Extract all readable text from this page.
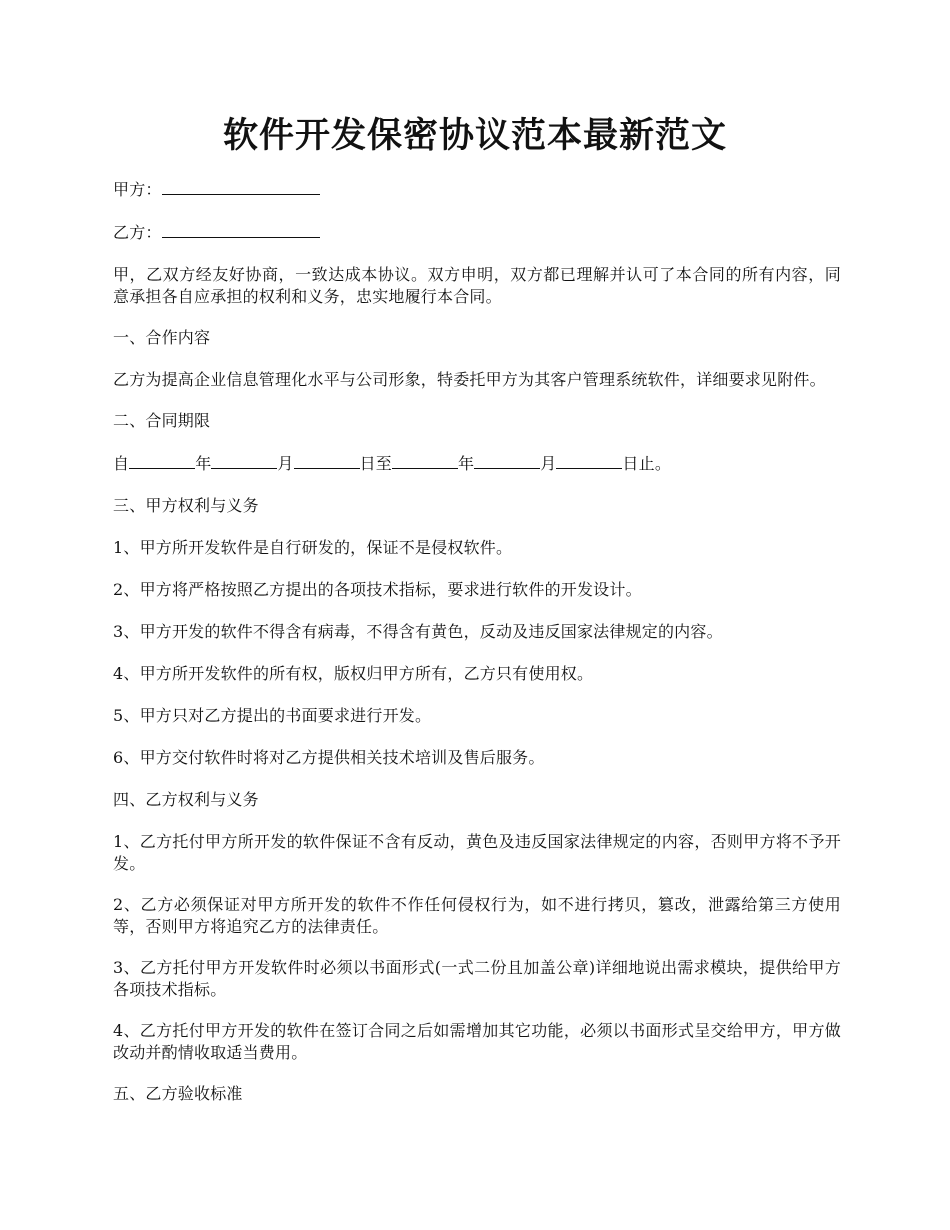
软件开发保密协议范本最新范文

甲方：

乙方：

甲，乙双方经友好协商，一致达成本协议。双方申明，双方都已理解并认可了本合同的所有内容，同意承担各自应承担的权利和义务，忠实地履行本合同。

一、合作内容

乙方为提高企业信息管理化水平与公司形象，特委托甲方为其客户管理系统软件，详细要求见附件。

二、合同期限

自	年	月	日至	年	月	日止。

三、甲方权利与义务

1、甲方所开发软件是自行研发的，保证不是侵权软件。

2、甲方将严格按照乙方提出的各项技术指标，要求进行软件的开发设计。

3、甲方开发的软件不得含有病毒，不得含有黄色，反动及违反国家法律规定的内容。

4、甲方所开发软件的所有权，版权归甲方所有，乙方只有使用权。

5、甲方只对乙方提出的书面要求进行开发。

6、甲方交付软件时将对乙方提供相关技术培训及售后服务。

四、乙方权利与义务

1、乙方托付甲方所开发的软件保证不含有反动，黄色及违反国家法律规定的内容，否则甲方将不予开发。

2、乙方必须保证对甲方所开发的软件不作任何侵权行为，如不进行拷贝，篡改，泄露给第三方使用等，否则甲方将追究乙方的法律责任。

3、乙方托付甲方开发软件时必须以书面形式(一式二份且加盖公章)详细地说出需求模块，提供给甲方各项技术指标。

4、乙方托付甲方开发的软件在签订合同之后如需增加其它功能，必须以书面形式呈交给甲方，甲方做改动并酌情收取适当费用。

五、乙方验收标准
